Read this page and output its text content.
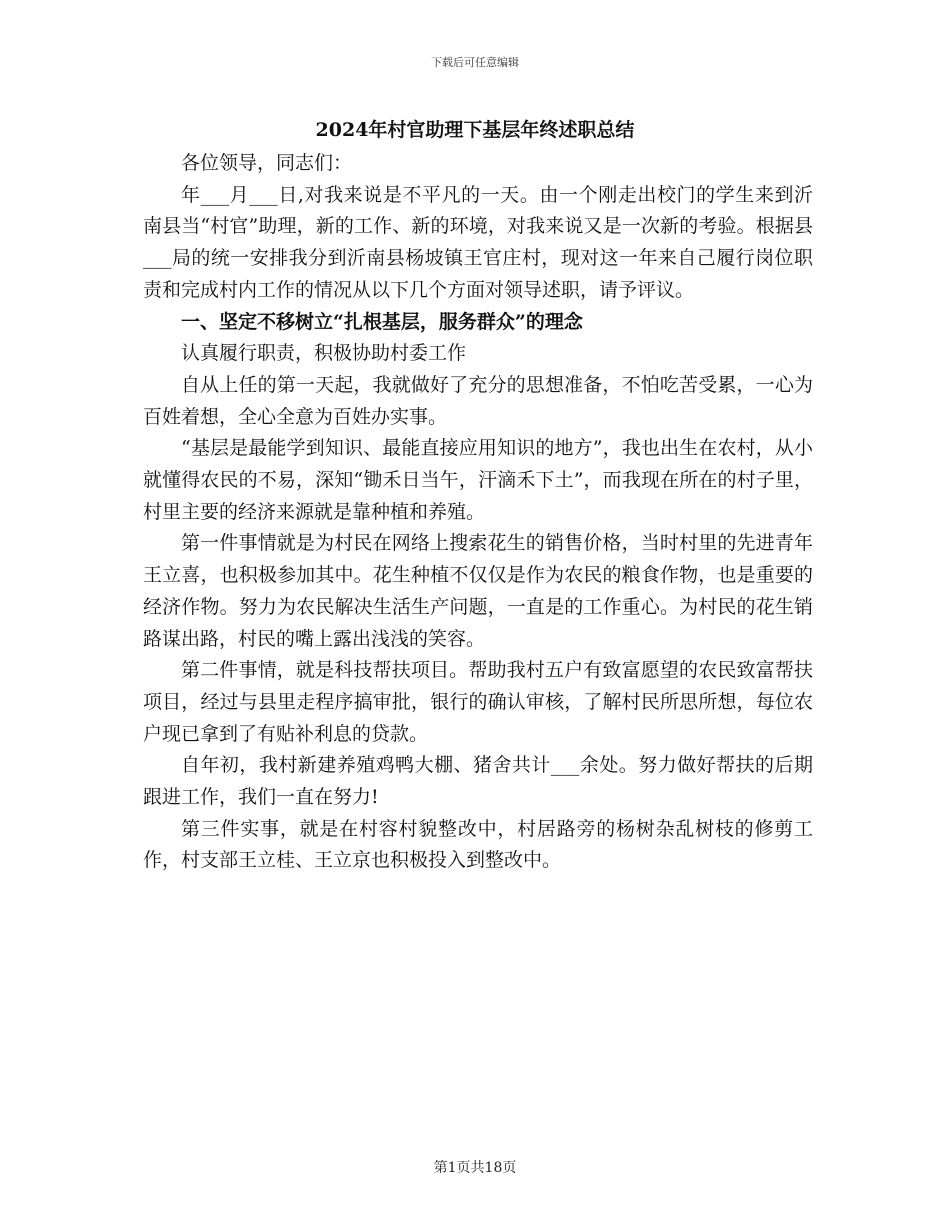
下载后可任意编辑
2024年村官助理下基层年终述职总结

各位领导，同志们：

年___月___日,对我来说是不平凡的一天。由一个刚走出校门的学生来到沂南县当“村官”助理，新的工作、新的环境，对我来说又是一次新的考验。根据县___局的统一安排我分到沂南县杨坡镇王官庄村，现对这一年来自己履行岗位职责和完成村内工作的情况从以下几个方面对领导述职，请予评议。

一、坚定不移树立“扎根基层，服务群众”的理念

认真履行职责，积极协助村委工作

自从上任的第一天起，我就做好了充分的思想准备，不怕吃苦受累，一心为百姓着想，全心全意为百姓办实事。

“基层是最能学到知识、最能直接应用知识的地方”，我也出生在农村，从小就懂得农民的不易，深知“锄禾日当午，汗滴禾下土”，而我现在所在的村子里，村里主要的经济来源就是靠种植和养殖。

第一件事情就是为村民在网络上搜索花生的销售价格，当时村里的先进青年王立喜，也积极参加其中。花生种植不仅仅是作为农民的粮食作物，也是重要的经济作物。努力为农民解决生活生产问题，一直是的工作重心。为村民的花生销路谋出路，村民的嘴上露出浅浅的笑容。

第二件事情，就是科技帮扶项目。帮助我村五户有致富愿望的农民致富帮扶项目，经过与县里走程序搞审批，银行的确认审核，了解村民所思所想，每位农户现已拿到了有贴补利息的贷款。

自年初，我村新建养殖鸡鸭大棚、猪舍共计___余处。努力做好帮扶的后期跟进工作，我们一直在努力!

第三件实事，就是在村容村貌整改中，村居路旁的杨树杂乱树枝的修剪工作，村支部王立桂、王立京也积极投入到整改中。

第1页共18页
